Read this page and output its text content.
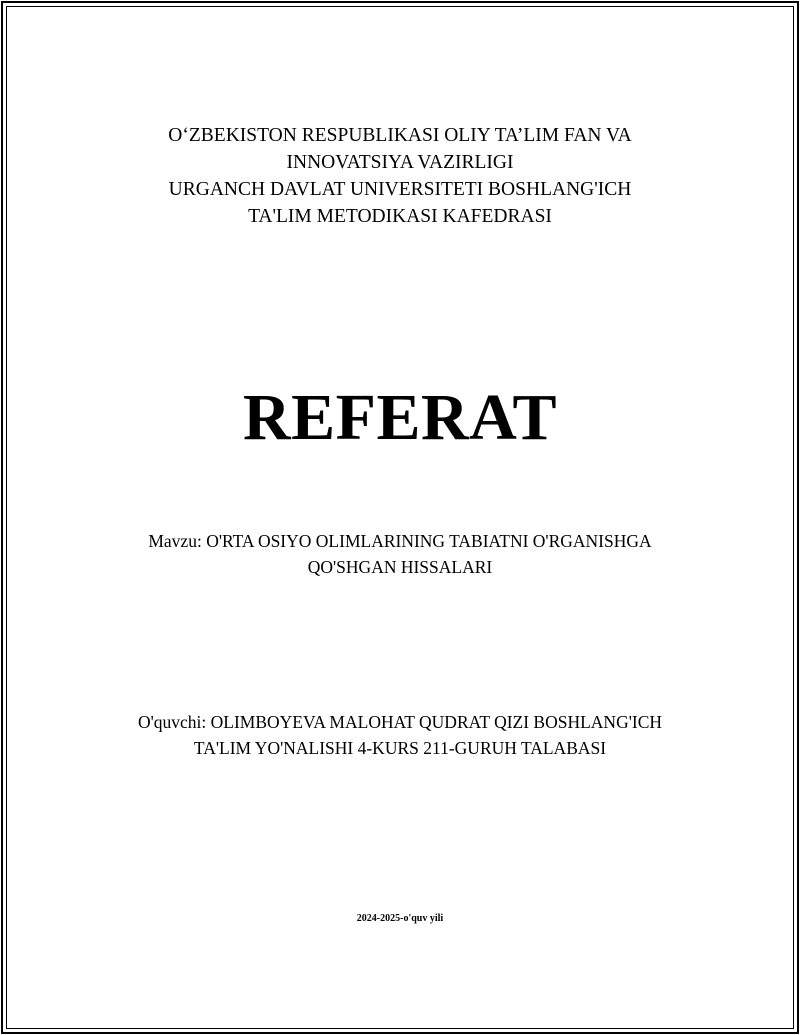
O‘ZBEKISTON RESPUBLIKASI OLIY TA’LIM FAN VA
INNOVATSIYA VAZIRLIGI
URGANCH DAVLAT UNIVERSITETI BOSHLANG'ICH
TA'LIM METODIKASI KAFEDRASI
REFERAT
Mavzu: O'RTA OSIYO OLIMLARINING TABIATNI O'RGANISHGA
QO'SHGAN HISSALARI
O'quvchi: OLIMBOYEVA MALOHAT QUDRAT QIZI BOSHLANG'ICH
TA'LIM YO'NALISHI 4-KURS 211-GURUH TALABASI
2024-2025-o'quv yili
